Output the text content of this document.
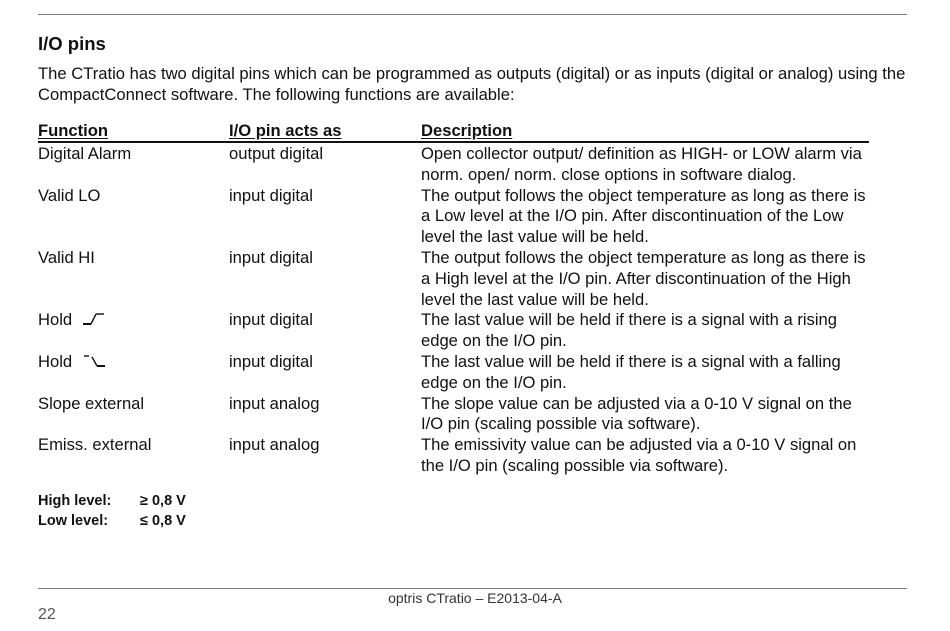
I/O pins

The CTratio has two digital pins which can be programmed as outputs (digital) or as inputs (digital or analog) using the CompactConnect software. The following functions are available:

Function	I/O pin acts as	Description
Digital Alarm	output digital	Open collector output/ definition as HIGH- or LOW alarm via norm. open/ norm. close options in software dialog.
Valid LO	input digital	The output follows the object temperature as long as there is a Low level at the I/O pin. After discontinuation of the Low level the last value will be held.
Valid HI	input digital	The output follows the object temperature as long as there is a High level at the I/O pin. After discontinuation of the High level the last value will be held.
Hold	input digital	The last value will be held if there is a signal with a rising edge on the I/O pin.
Hold	input digital	The last value will be held if there is a signal with a falling edge on the I/O pin.
Slope external	input analog	The slope value can be adjusted via a 0-10 V signal on the I/O pin (scaling possible via software).
Emiss. external	input analog	The emissivity value can be adjusted via a 0-10 V signal on the I/O pin (scaling possible via software).
High level:	≥ 0,8 V
Low level:	≤ 0,8 V
optris CTratio – E2013-04-A
22
